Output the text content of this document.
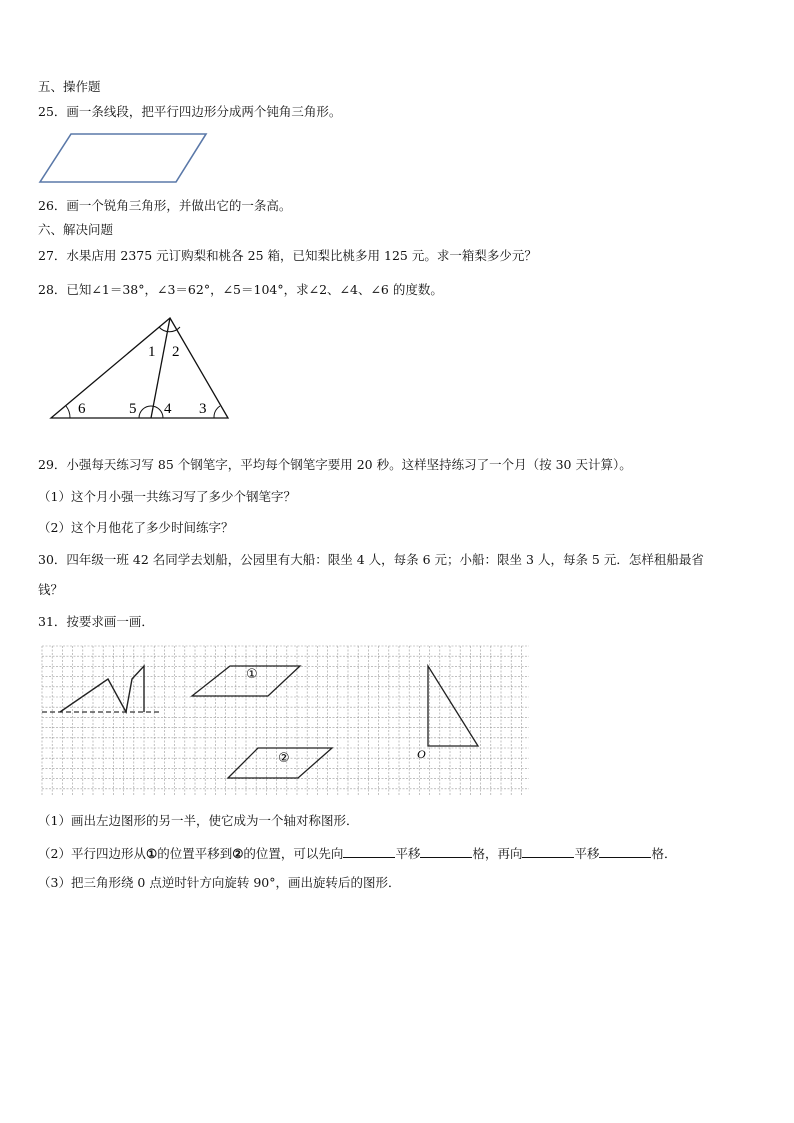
五、操作题
25．画一条线段，把平行四边形分成两个钝角三角形。
26．画一个锐角三角形，并做出它的一条高。
六、解决问题
27．水果店用 2375 元订购梨和桃各 25 箱，已知梨比桃多用 125 元。求一箱梨多少元？
28．已知∠1＝38°，∠3＝62°，∠5＝104°，求∠2、∠4、∠6 的度数。
1 2
6	5 4 3
29．小强每天练习写 85 个钢笔字，平均每个钢笔字要用 20 秒。这样坚持练习了一个月（按 30 天计算）。
（1）这个月小强一共练习写了多少个钢笔字？
（2）这个月他花了多少时间练字？
30．四年级一班 42 名同学去划船，公园里有大船：限坐 4 人，每条 6 元；小船：限坐 3 人，每条 5 元．怎样租船最省
钱？
31．按要求画一画．
①
②	O
（1）画出左边图形的另一半，使它成为一个轴对称图形．
（2）平行四边形从①的位置平移到②的位置，可以先向	平移	格，再向	平移	格．
（3）把三角形绕 0 点逆时针方向旋转 90°，画出旋转后的图形．
